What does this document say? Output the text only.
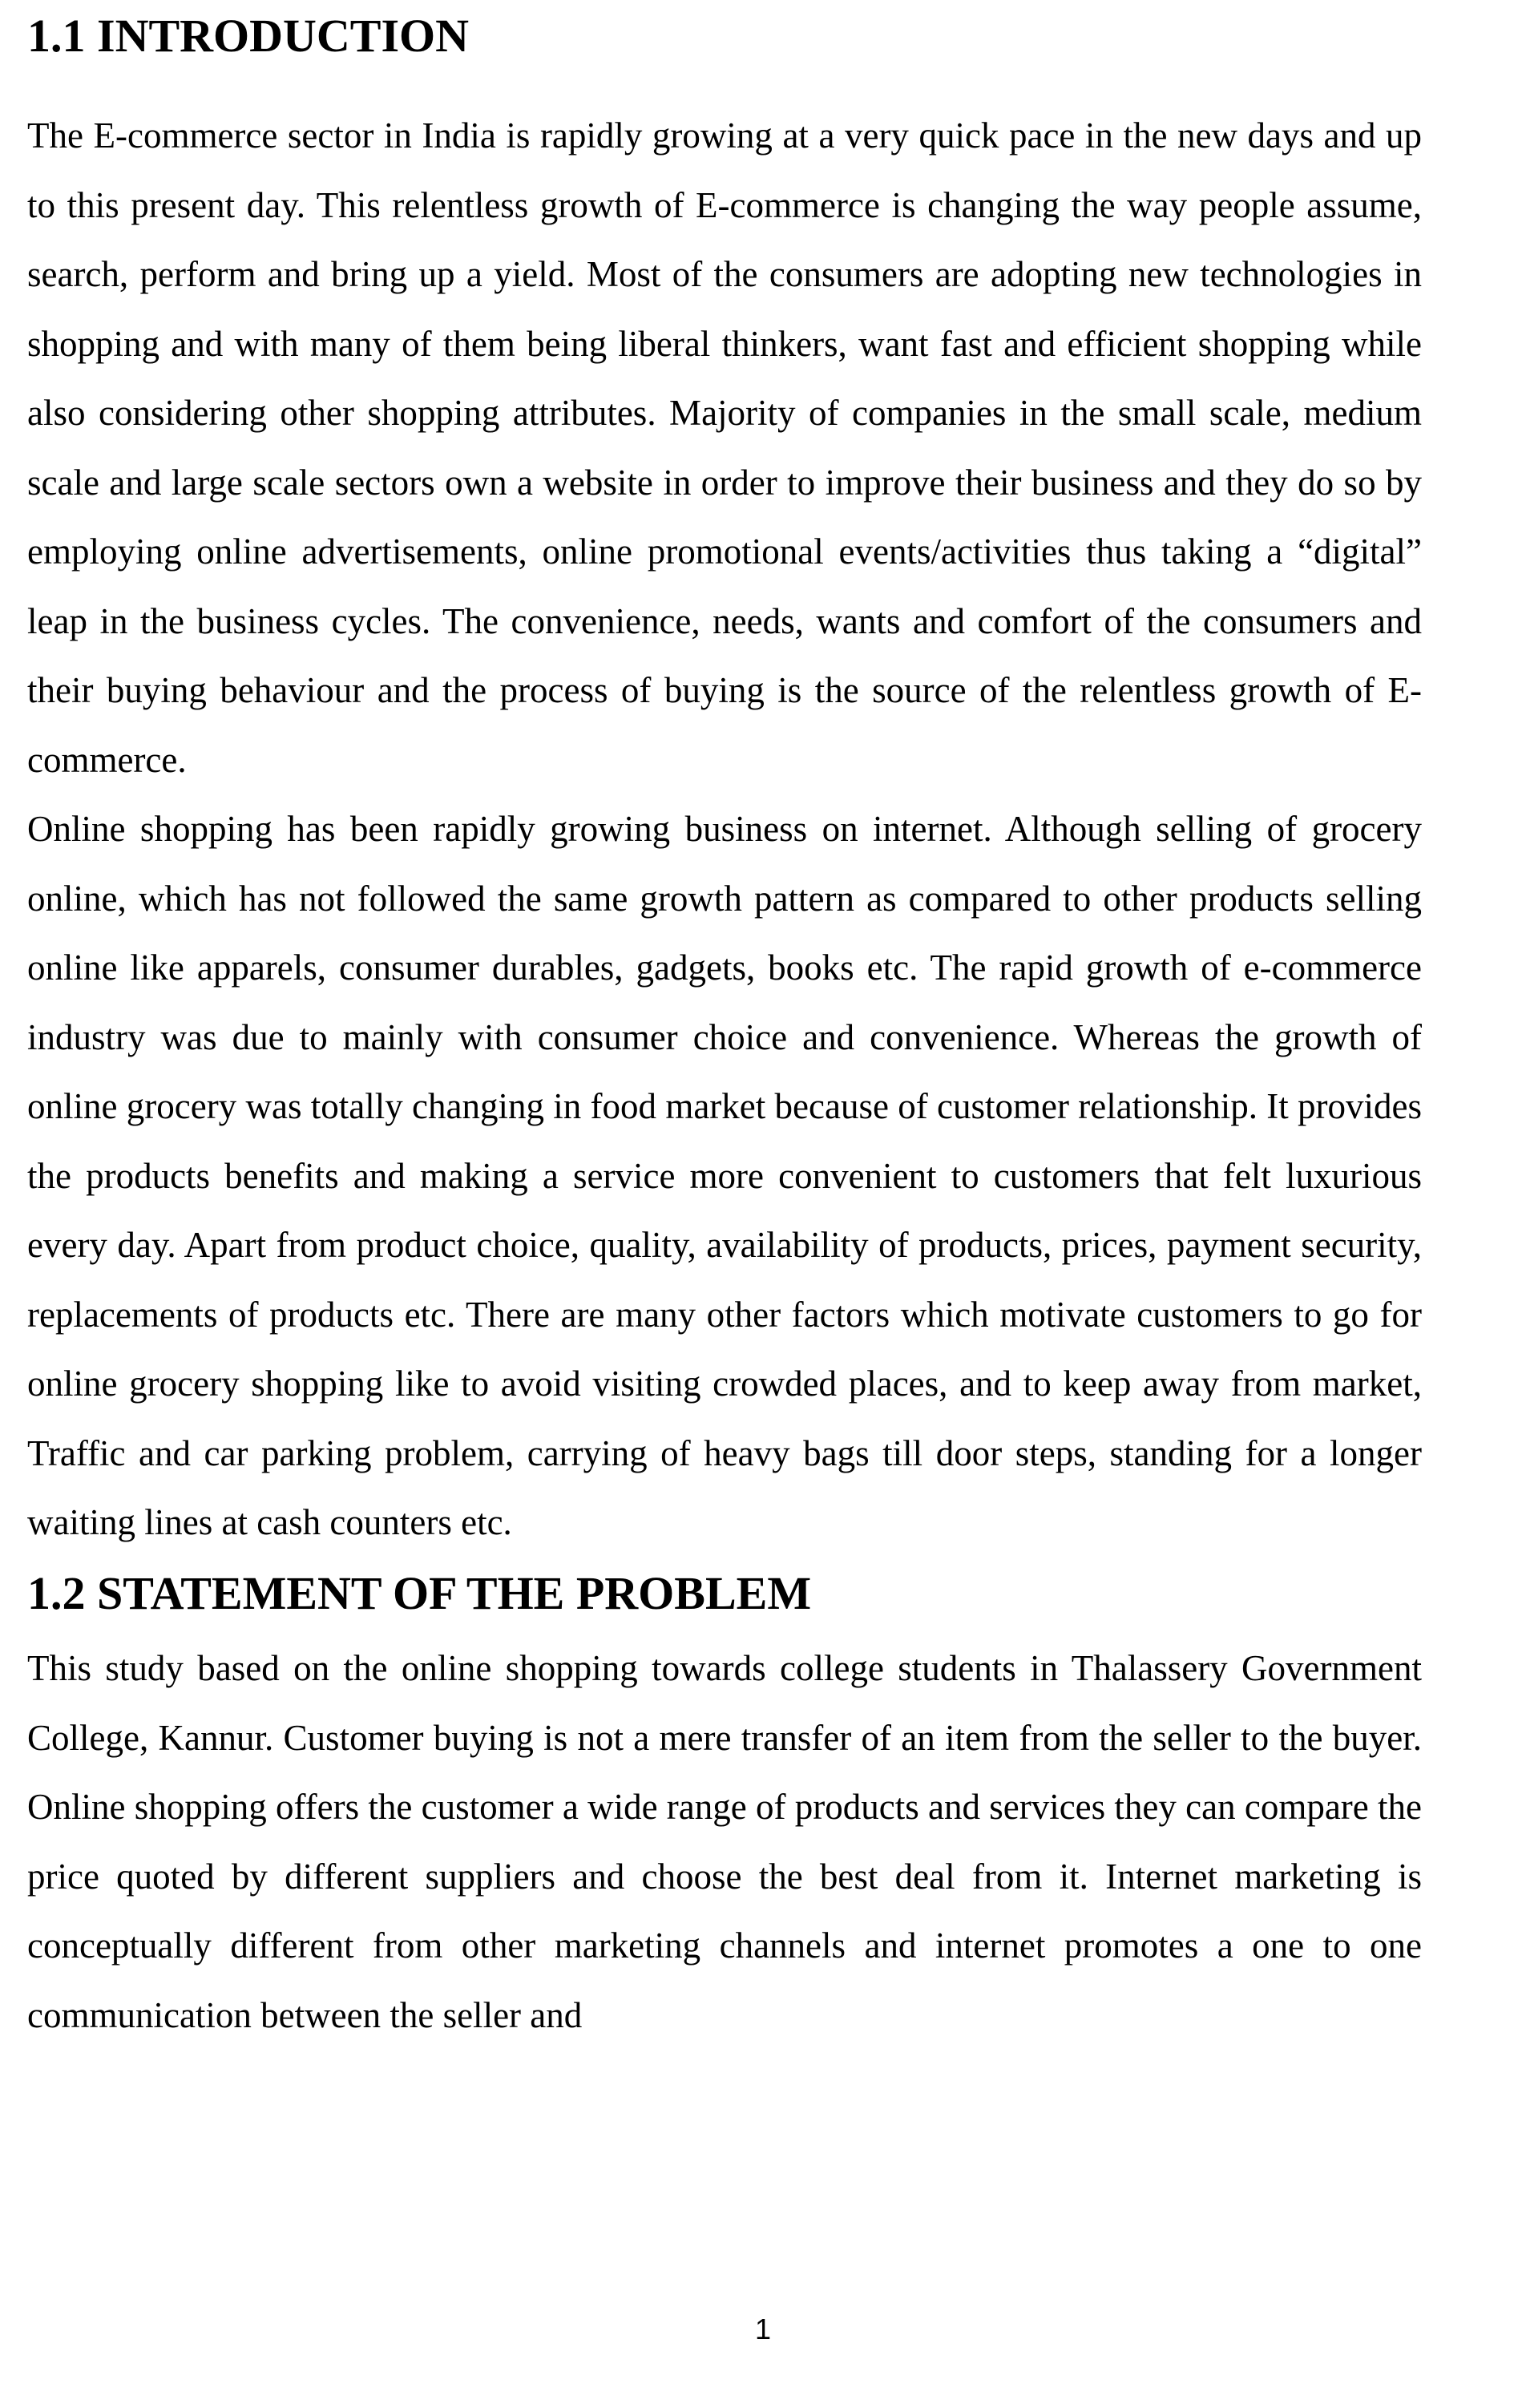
1.1 INTRODUCTION

The E-commerce sector in India is rapidly growing at a very quick pace in the new days and up to this present day. This relentless growth of E-commerce is changing the way people assume, search, perform and bring up a yield. Most of the consumers are adopting new technologies in shopping and with many of them being liberal thinkers, want fast and efficient shopping while also considering other shopping attributes. Majority of companies in the small scale, medium scale and large scale sectors own a website in order to improve their business and they do so by employing online advertisements, online promotional events/activities thus taking a “digital” leap in the business cycles. The convenience, needs, wants and comfort of the consumers and their buying behaviour and the process of buying is the source of the relentless growth of E-commerce.

Online shopping has been rapidly growing business on internet. Although selling of grocery online, which has not followed the same growth pattern as compared to other products selling online like apparels, consumer durables, gadgets, books etc. The rapid growth of e-commerce industry was due to mainly with consumer choice and convenience. Whereas the growth of online grocery was totally changing in food market because of customer relationship. It provides the products benefits and making a service more convenient to customers that felt luxurious every day. Apart from product choice, quality, availability of products, prices, payment security, replacements of products etc. There are many other factors which motivate customers to go for online grocery shopping like to avoid visiting crowded places, and to keep away from market, Traffic and car parking problem, carrying of heavy bags till door steps, standing for a longer waiting lines at cash counters etc.

1.2 STATEMENT OF THE PROBLEM

This study based on the online shopping towards college students in Thalassery Government College, Kannur. Customer buying is not a mere transfer of an item from the seller to the buyer. Online shopping offers the customer a wide range of products and services they can compare the price quoted by different suppliers and choose the best deal from it. Internet marketing is conceptually different from other marketing channels and internet promotes a one to one communication between the seller and

1
